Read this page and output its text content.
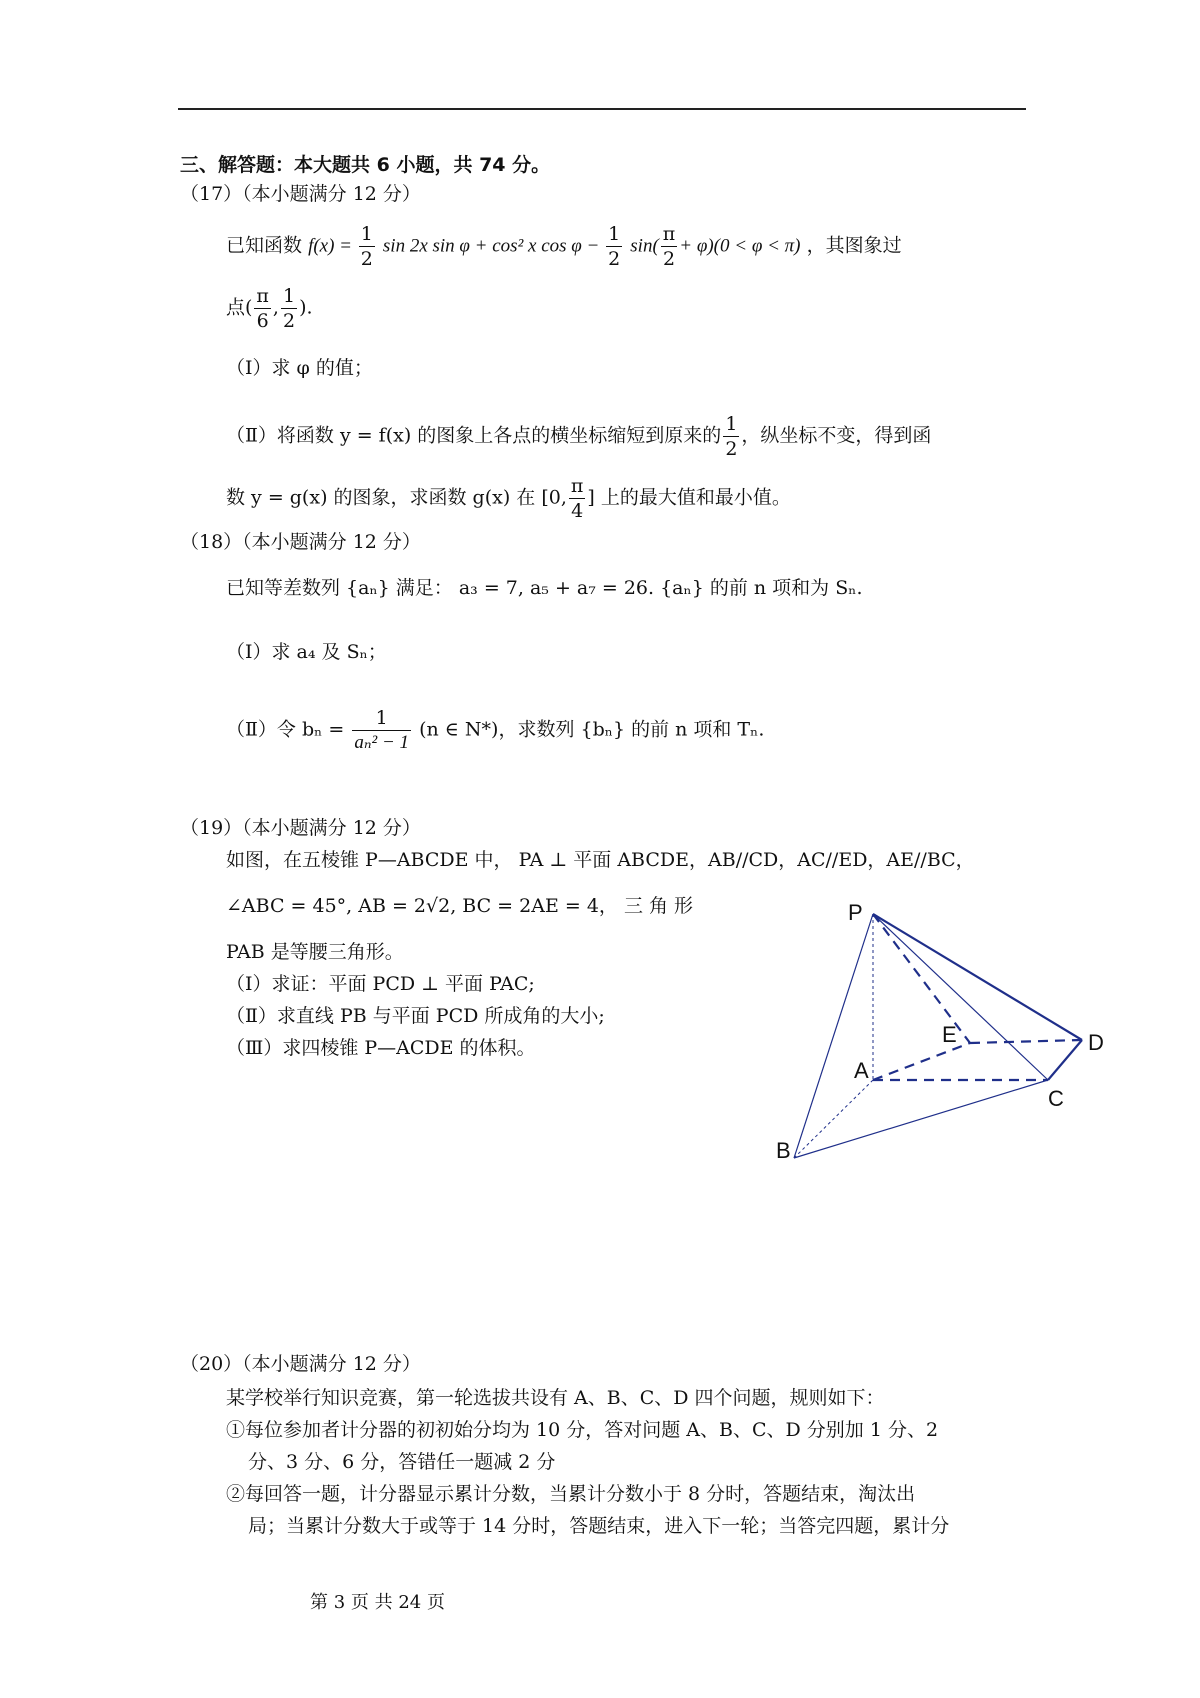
三、解答题：本大题共 6 小题，共 74 分。
（17）（本小题满分 12 分）
已知函数 $f(x) = \frac{1}{2}$ sin 2x sin φ + cos² x $\cos \varphi - \frac{1}{2} \sin( \frac{\pi}{2} + \varphi)(0 < \varphi < \pi)$ ，其图象过
点( $\frac{\pi}{6}$ , $\frac{1}{2}$ ).
（Ⅰ）求 φ 的值；
（Ⅱ）将函数 y = f(x) 的图象上各点的横坐标缩短到原来的 $\frac{1}{2}$ ，纵坐标不变，得到函
数 y = g(x) 的图象，求函数 g(x) 在 [0, $\frac{\pi}{4}$ ] 上的最大值和最小值。
（18）（本小题满分 12 分）
已知等差数列 {aₙ} 满足： a₃ = 7, a₅ + a₇ = 26. {aₙ} 的前 n 项和为 Sₙ.
（Ⅰ）求 a₄ 及 Sₙ；
（Ⅱ）令 $b_n = \frac{1}{\text{aₙ² − 1}} (n$ ∈ N*)，求数列 {bₙ} 的前 n 项和 Tₙ.
（19）（本小题满分 12 分）
如图，在五棱锥 P—ABCDE 中， PA ⊥ 平面 ABCDE，AB//CD，AC//ED，AE//BC，
∠ABC = 45°, AB = 2√2, BC = 2AE = 4， 三 角 形
PAB 是等腰三角形。
（Ⅰ）求证：平面 PCD ⊥ 平面 PAC;
（Ⅱ）求直线 PB 与平面 PCD 所成角的大小;
（Ⅲ）求四棱锥 P—ACDE 的体积。
P
E	D
A
C
B
（20）（本小题满分 12 分）
某学校举行知识竞赛，第一轮选拔共设有 A、B、C、D 四个问题，规则如下：
①每位参加者计分器的初初始分均为 10 分，答对问题 A、B、C、D 分别加 1 分、2
分、3 分、6 分，答错任一题减 2 分
②每回答一题，计分器显示累计分数，当累计分数小于 8 分时，答题结束，淘汰出
局；当累计分数大于或等于 14 分时，答题结束，进入下一轮；当答完四题，累计分
第 3 页 共 24 页
